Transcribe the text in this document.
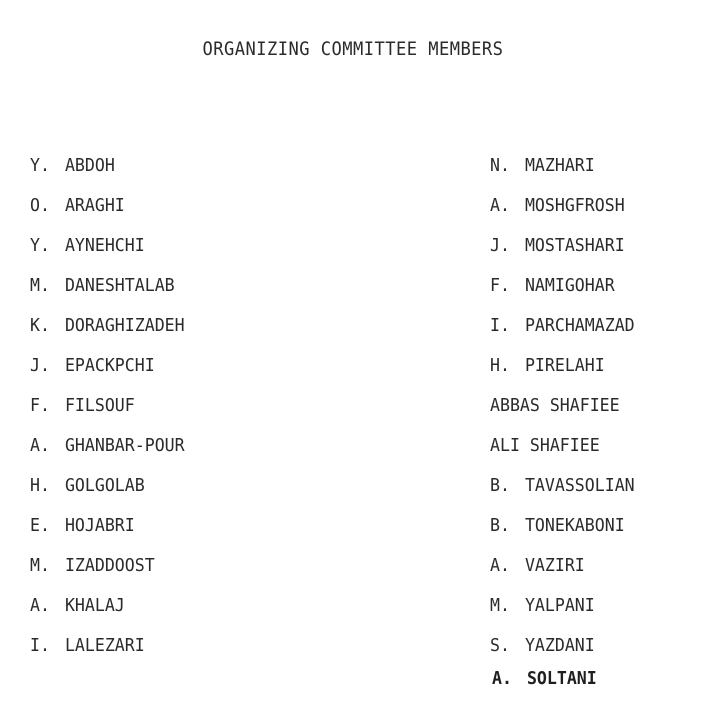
ORGANIZING COMMITTEE MEMBERS
Y. ABDOH
O. ARAGHI
Y. AYNEHCHI
M. DANESHTALAB
K. DORAGHIZADEH
J. EPACKPCHI
F. FILSOUF
A. GHANBAR-POUR
H. GOLGOLAB
E. HOJABRI
M. IZADDOOST
A. KHALAJ
I. LALEZARI
N. MAZHARI
A. MOSHGFROSH
J. MOSTASHARI
F. NAMIGOHAR
I. PARCHAMAZAD
H. PIRELAHI
ABBAS SHAFIEE
ALI SHAFIEE
B. TAVASSOLIAN
B. TONEKABONI
A. VAZIRI
M. YALPANI
S. YAZDANI
A. SOLTANI
